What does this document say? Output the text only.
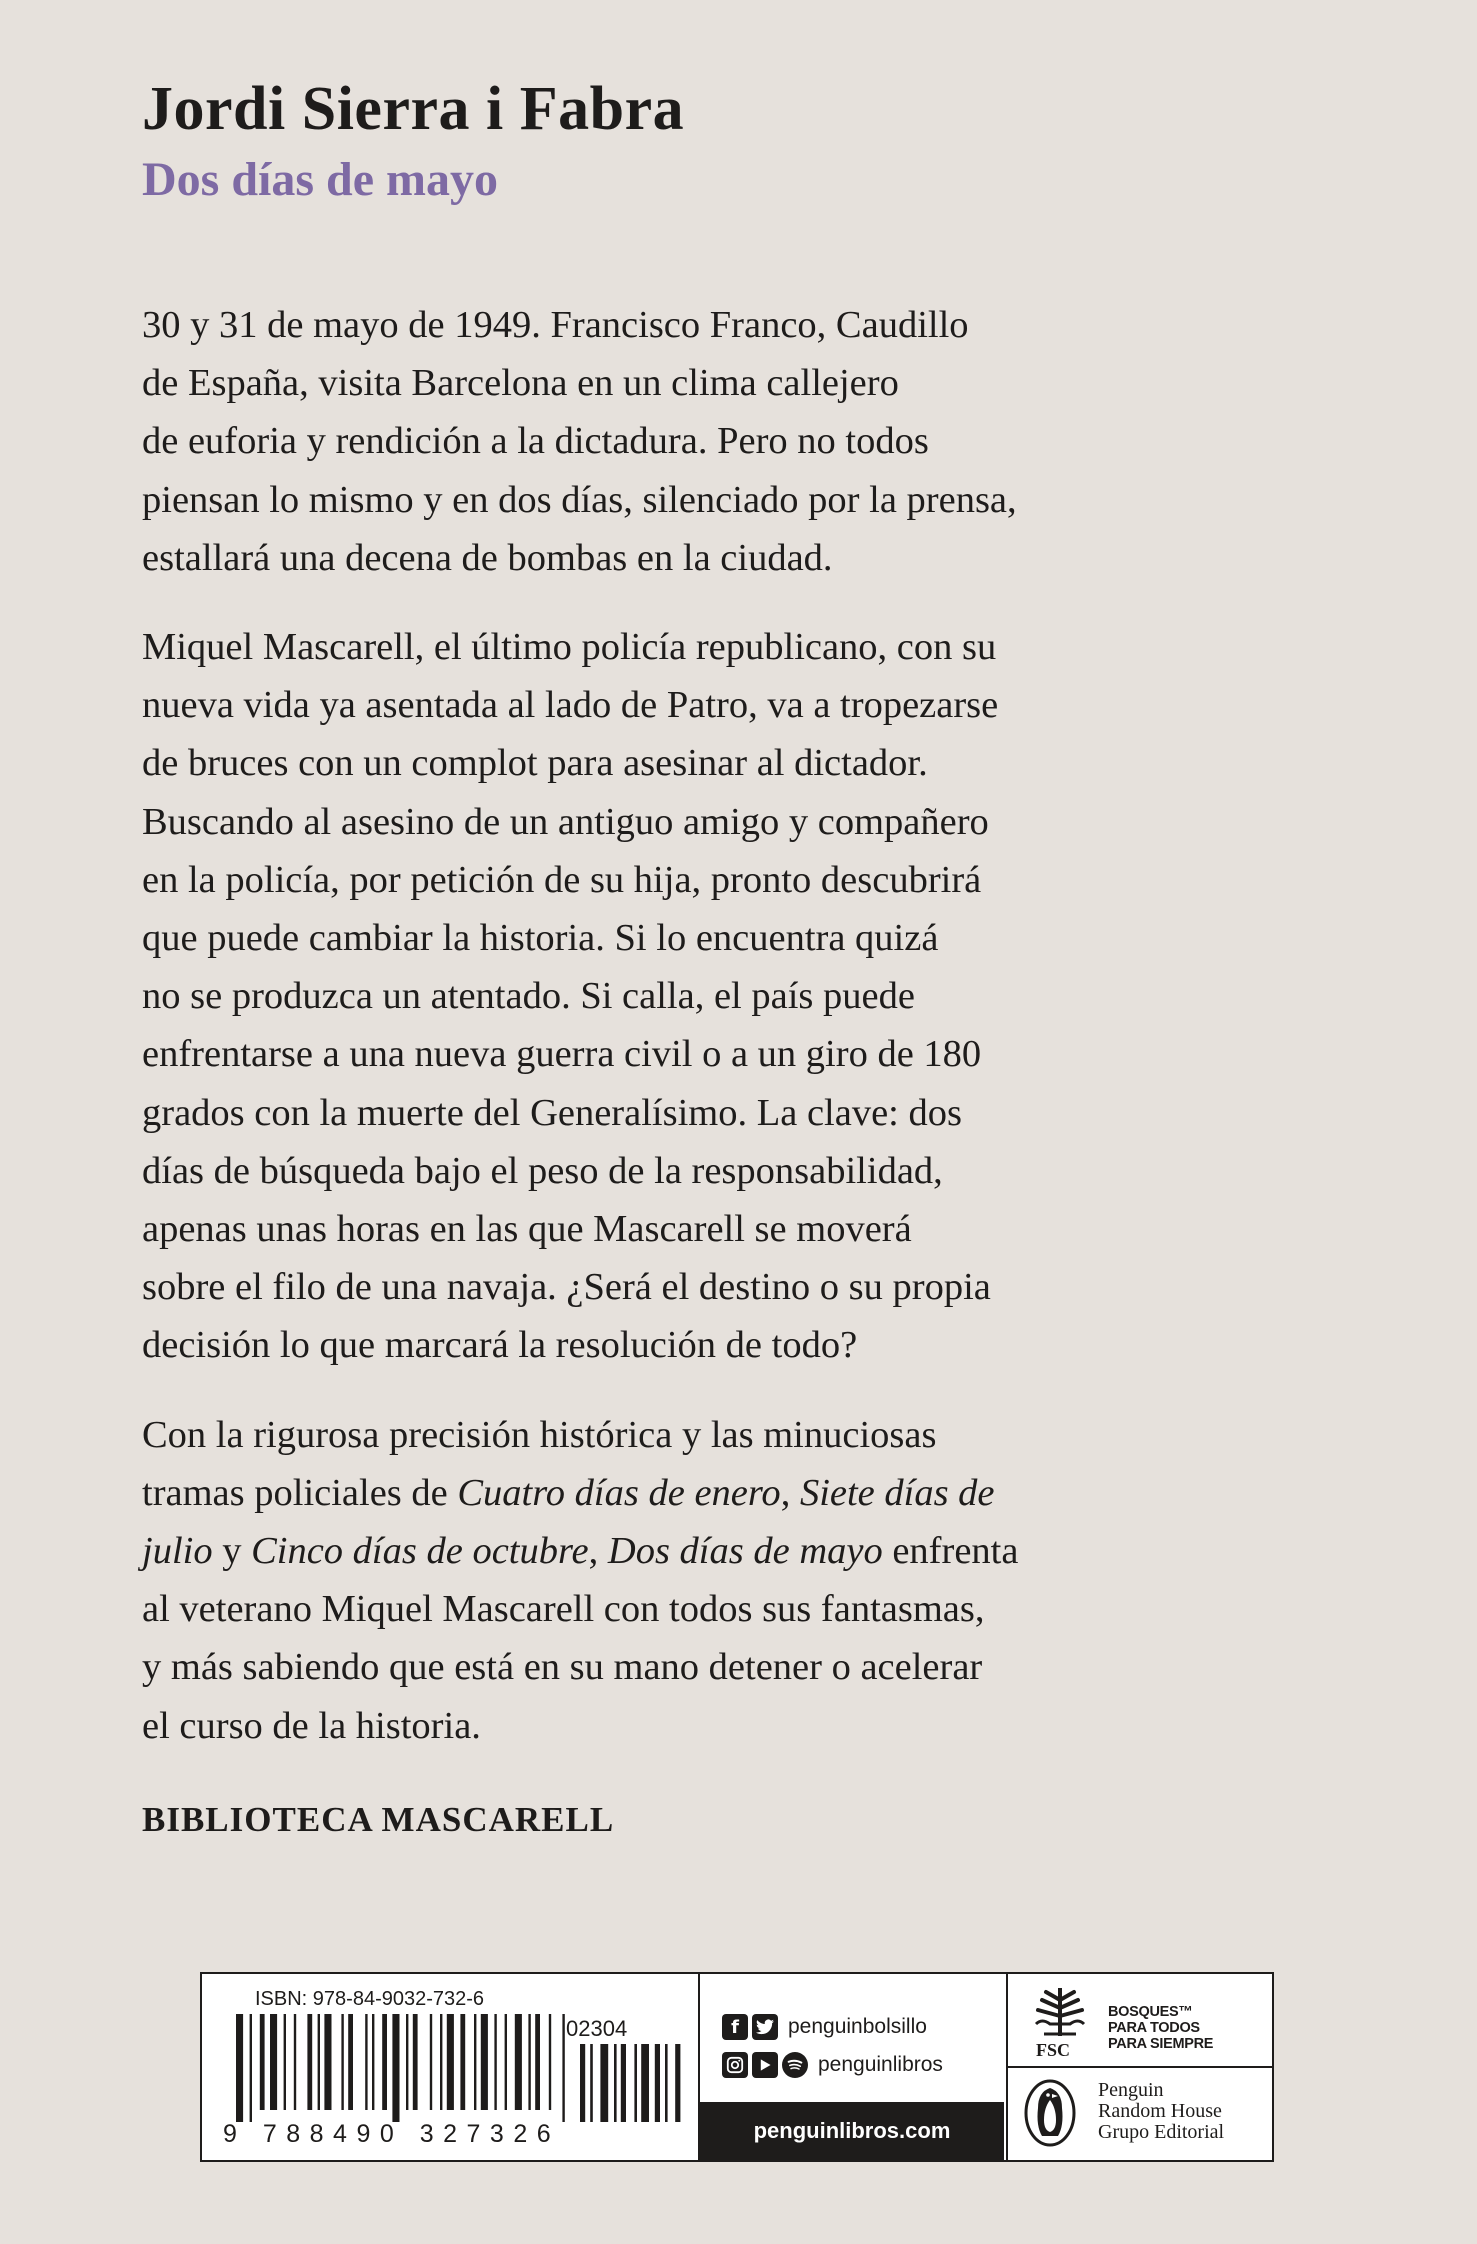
Jordi Sierra i Fabra
Dos días de mayo

30 y 31 de mayo de 1949. Francisco Franco, Caudillo
de España, visita Barcelona en un clima callejero
de euforia y rendición a la dictadura. Pero no todos
piensan lo mismo y en dos días, silenciado por la prensa,
estallará una decena de bombas en la ciudad.

Miquel Mascarell, el último policía republicano, con su
nueva vida ya asentada al lado de Patro, va a tropezarse
de bruces con un complot para asesinar al dictador.
Buscando al asesino de un antiguo amigo y compañero
en la policía, por petición de su hija, pronto descubrirá
que puede cambiar la historia. Si lo encuentra quizá
no se produzca un atentado. Si calla, el país puede
enfrentarse a una nueva guerra civil o a un giro de 180
grados con la muerte del Generalísimo. La clave: dos
días de búsqueda bajo el peso de la responsabilidad,
apenas unas horas en las que Mascarell se moverá
sobre el filo de una navaja. ¿Será el destino o su propia
decisión lo que marcará la resolución de todo?

Con la rigurosa precisión histórica y las minuciosas
tramas policiales de Cuatro días de enero, Siete días de
julio y Cinco días de octubre, Dos días de mayo enfrenta
al veterano Miquel Mascarell con todos sus fantasmas,
y más sabiendo que está en su mano detener o acelerar
el curso de la historia.

BIBLIOTECA MASCARELL

ISBN: 978-84-9032-732-6

02304

9 788490 327326

f	penguinbolsillo
penguinlibros
penguinlibros.com

FSC

BOSQUES™
PARA TODOS
PARA SIEMPRE
Penguin
Random House
Grupo Editorial
